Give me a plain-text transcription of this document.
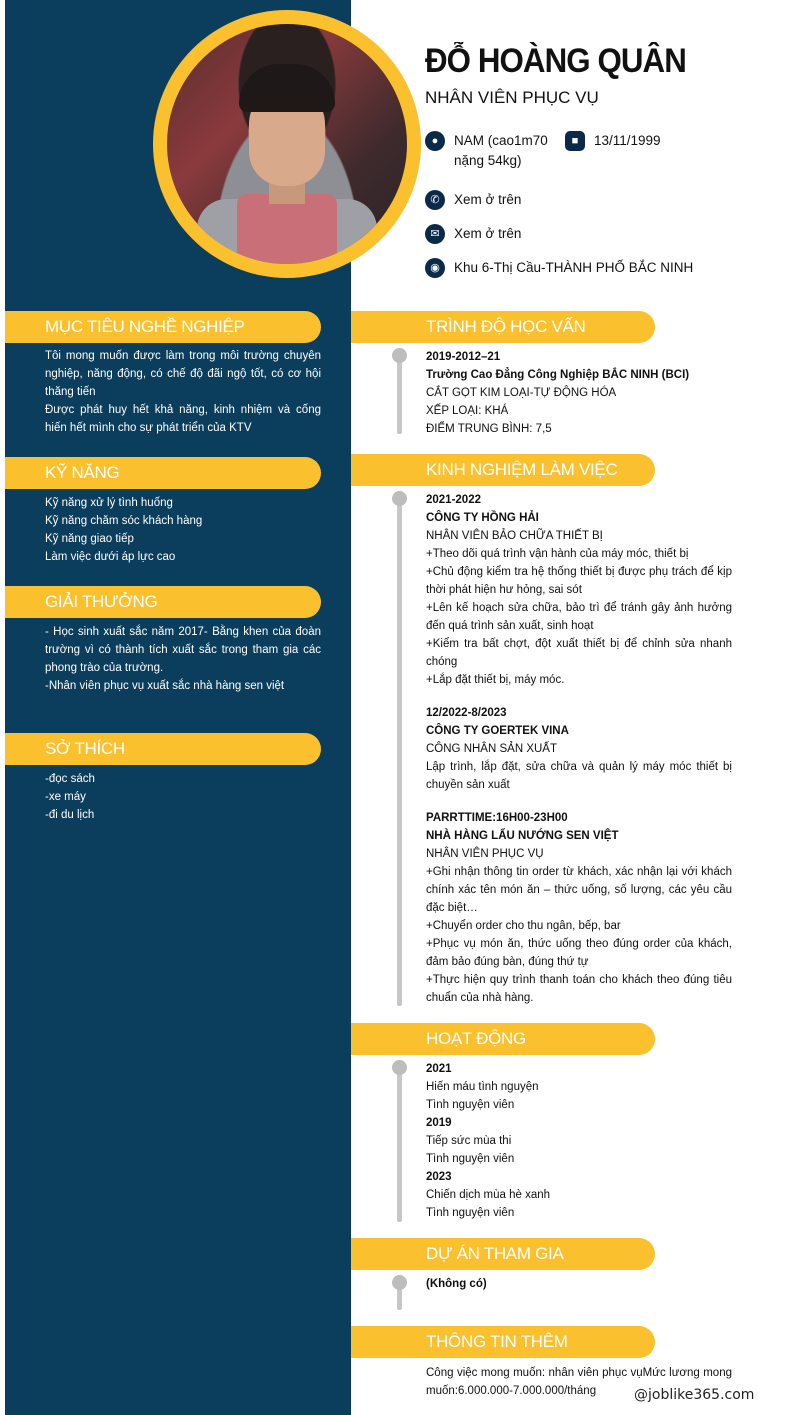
ĐỖ HOÀNG QUÂN
NHÂN VIÊN PHỤC VỤ
●	NAM (cao1m70
nặng 54kg)
■	13/11/1999
✆	Xem ở trên
✉	Xem ở trên
◉	Khu 6-Thị Cầu-THÀNH PHỐ BẮC NINH
MỤC TIÊU NGHỀ NGHIỆP
Tôi mong muốn được làm trong môi trường chuyên nghiệp, năng động, có chế độ đãi ngộ tốt, có cơ hội thăng tiến
Được phát huy hết khả năng, kinh nhiệm và cống hiến hết mình cho sự phát triển của KTV
KỸ NĂNG
Kỹ năng xử lý tình huống
Kỹ năng chăm sóc khách hàng
Kỹ năng giao tiếp
Làm việc dưới áp lực cao
GIẢI THƯỞNG
- Học sinh xuất sắc năm 2017- Bằng khen của đoàn trường vì có thành tích xuất sắc trong tham gia các phong trào của trường.
-Nhân viên phục vụ xuất sắc nhà hàng sen việt
SỞ THÍCH
-đọc sách
-xe máy
-đi du lịch
TRÌNH ĐỘ HỌC VẤN
2019-2012–21
Trường Cao Đẳng Công Nghiệp BẮC NINH (BCI)
CẮT GỌT KIM LOẠI-TỰ ĐỘNG HÓA
XẾP LOẠI: KHÁ
ĐIỂM TRUNG BÌNH: 7,5
KINH NGHIỆM LÀM VIỆC
2021-2022
CÔNG TY HỒNG HẢI
NHÂN VIÊN BẢO CHỮA THIẾT BỊ
+Theo dõi quá trình vận hành của máy móc, thiết bị
+Chủ động kiểm tra hệ thống thiết bị được phụ trách để kịp thời phát hiện hư hỏng, sai sót
+Lên kế hoạch sửa chữa, bảo trì để tránh gây ảnh hưởng đến quá trình sản xuất, sinh hoạt
+Kiểm tra bất chợt, đột xuất thiết bị để chỉnh sửa nhanh chóng
+Lắp đặt thiết bị, máy móc.
12/2022-8/2023
CÔNG TY GOERTEK VINA
CÔNG NHÂN SẢN XUẤT
Lập trình, lắp đặt, sửa chữa và quản lý máy móc thiết bị chuyền sản xuất
PARRTTIME:16H00-23H00
NHÀ HÀNG LẨU NƯỚNG SEN VIỆT
NHÂN VIÊN PHỤC VỤ
+Ghi nhận thông tin order từ khách, xác nhận lại với khách chính xác tên món ăn – thức uống, số lượng, các yêu cầu đặc biệt…
+Chuyển order cho thu ngân, bếp, bar
+Phục vụ món ăn, thức uống theo đúng order của khách, đảm bảo đúng bàn, đúng thứ tự
+Thực hiện quy trình thanh toán cho khách theo đúng tiêu chuẩn của nhà hàng.
HOẠT ĐỘNG
2021
Hiến máu tình nguyện
Tình nguyện viên
2019
Tiếp sức mùa thi
Tình nguyện viên
2023
Chiến dịch mùa hè xanh
Tình nguyện viên
DỰ ÁN THAM GIA
(Không có)
THÔNG TIN THÊM
Công việc mong muốn: nhân viên phục vụMức lương mong muốn:6.000.000-7.000.000/tháng	@joblike365.com
